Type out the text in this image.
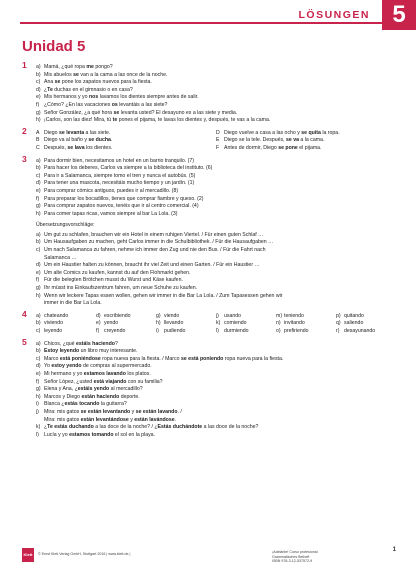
LÖSUNGEN 5
Unidad 5
1 a) Mamá, ¿qué ropa me pongo?
b) Mis abuelos se van a la cama a las once de la noche.
c) Ana se pone los zapatos nuevos para la fiesta.
d) ¿Te duchas en el gimnasio o en casa?
e) Mis hermanos y yo nos lavamos los dientes siempre antes de salir.
f) ¿Cómo? ¿En las vacaciones os levantáis a las siete?
g) Señor González, ¿a qué hora se levanta usted? El desayuno es a las siete y media.
h) ¡Carlos, son las diez! Mira, tú te pones el pijama, te lavas los dientes y, después, te vas a la cama.
2 A Diego se levanta a las siete.
B Diego va al baño y se ducha.
C Después, se lava los dientes.
D Diego vuelve a casa a las ocho y se quita la ropa.
E Diego se la tele. Después, se va a la cama.
F Antes de dormir, Diego se pone el pijama.
3 a) Para dormir bien, necesitamos un hotel en un barrio tranquilo. (7)
b) Para hacer los deberes, Carlos va siempre a la biblioteca del instituto. (6)
c) Para ir a Salamanca, siempre tomo el tren y nunca el autobús. (5)
d) Para tener una mascota, necesitáis mucho tiempo y un jardín. (1)
e) Para comprar cómics antiguos, puedes ir al mercadillo. (8)
f) Para preparar los bocadillos, tienes que comprar fiambre y queso. (2)
g) Para comprar zapatos nuevos, tenéis que ir al centro comercial. (4)
h) Para comer tapas ricas, vamos siempre al bar La Lola. (3)
Übersetzungsvorschläge:
a) Um gut zu schlafen, brauchen wir ein Hotel in einem ruhigen Viertel. / Für einen guten Schlaf …
b) Um Hausaufgaben zu machen, geht Carlos immer in die Schulbibliothek. / Für die Hausaufgaben …
c) Um nach Salamanca zu fahren, nehme ich immer den Zug und nie den Bus. / Für die Fahrt nach
Salamanca …
d) Um ein Haustier halten zu können, braucht ihr viel Zeit und einen Garten. / Für ein Haustier …
e) Um alte Comics zu kaufen, kannst du auf den Flohmarkt gehen.
f) Für die belegten Brötchen musst du Wurst und Käse kaufen.
g) Ihr müsst ins Einkaufszentrum fahren, um neue Schuhe zu kaufen.
h) Wenn wir leckere Tapas essen wollen, gehen wir immer in die Bar La Lola. / Zum Tapasessen gehen wir
immer in die Bar La Lola.
4 a) chateando	d) escribiendo	g) viendo	j) usando	m) teniendo	p) quitando
b) viviendo	e) yendo	h) llevando	k) comiendo	n) invitando	q) saliendo
c) leyendo	f) creyendo	i) pudiendo	l) durmiendo	o) prefiriendo	r) desayunando
5 a) Chicos, ¿qué estáis haciendo?
b) Estoy leyendo un libro muy interesante.
c) Marco está poniéndose ropa nueva para la fiesta. / Marco se está poniendo ropa nueva para la fiesta.
d) Yo estoy yendo de compras al supermercado.
e) Mi hermano y yo estamos lavando los platos.
f) Señor López, ¿usted está viajando con su familia?
g) Elena y Ana, ¿estáis yendo al mercadillo?
h) Marcos y Diego están haciendo deporte.
i) Blanca ¿estás tocando la guitarra?
j) Mira: mis gatos se están levantando y se están lavando. /
Mira: mis gatos están levantándose y están lavándose.
k) ¿Te estás duchando a las doce de la noche? / ¿Estás duchándote a las doce de la noche?
l) Lucía y yo estamos tomando el sol en la playa.
Klett	© Ernst Klett Verlag GmbH, Stuttgart 2016 | www.klett.de |	¡Adelante! Curso profesional
Grammatisches Beiheft
ISBN 978-3-12-537572-9
1
